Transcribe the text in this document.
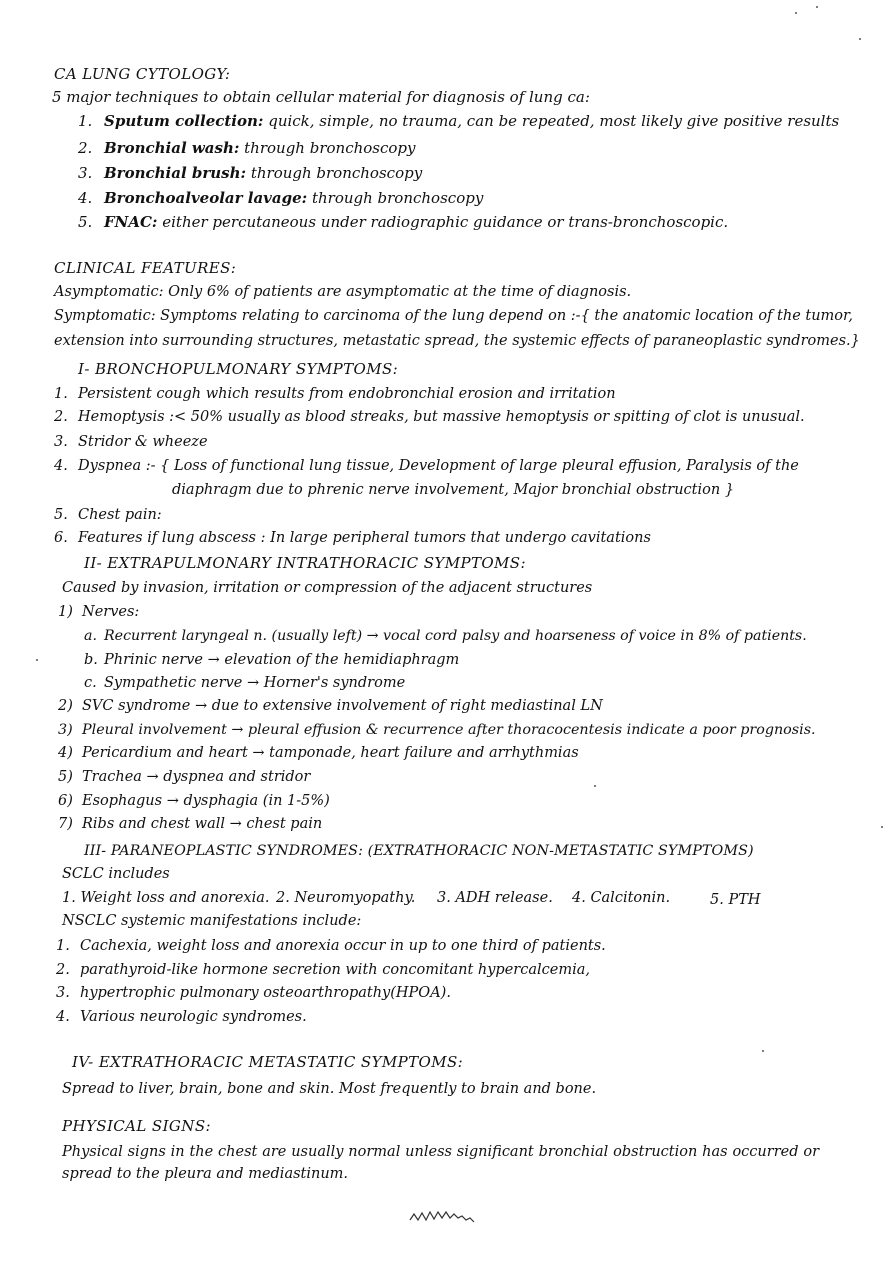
CA LUNG CYTOLOGY:
5 major techniques to obtain cellular material for diagnosis of lung ca:
1. Sputum collection: quick, simple, no trauma, can be repeated, most likely give positive results
2. Bronchial wash: through bronchoscopy
3. Bronchial brush: through bronchoscopy
4. Bronchoalveolar lavage: through bronchoscopy
5. FNAC: either percutaneous under radiographic guidance or trans-bronchoscopic.
CLINICAL FEATURES:
Asymptomatic: Only 6% of patients are asymptomatic at the time of diagnosis.
Symptomatic: Symptoms relating to carcinoma of the lung depend on :-{ the anatomic location of the tumor,
extension into surrounding structures, metastatic spread, the systemic effects of paraneoplastic syndromes.}
I- BRONCHOPULMONARY SYMPTOMS:
1. Persistent cough which results from endobronchial erosion and irritation
2. Hemoptysis :< 50% usually as blood streaks, but massive hemoptysis or spitting of clot is unusual.
3. Stridor & wheeze
4. Dyspnea :- { Loss of functional lung tissue, Development of large pleural effusion, Paralysis of the
diaphragm due to phrenic nerve involvement, Major bronchial obstruction }
5. Chest pain:
6. Features if lung abscess : In large peripheral tumors that undergo cavitations
II- EXTRAPULMONARY INTRATHORACIC SYMPTOMS:
Caused by invasion, irritation or compression of the adjacent structures
1) Nerves:
a. Recurrent laryngeal n. (usually left) → vocal cord palsy and hoarseness of voice in 8% of patients.
b. Phrinic nerve → elevation of the hemidiaphragm
c. Sympathetic nerve → Horner's syndrome
2) SVC syndrome → due to extensive involvement of right mediastinal LN
3) Pleural involvement → pleural effusion & recurrence after thoracocentesis indicate a poor prognosis.
4) Pericardium and heart → tamponade, heart failure and arrhythmias
5) Trachea → dyspnea and stridor
6) Esophagus → dysphagia (in 1-5%)
7) Ribs and chest wall → chest pain
III- PARANEOPLASTIC SYNDROMES: (EXTRATHORACIC NON-METASTATIC SYMPTOMS)
SCLC includes
1. Weight loss and anorexia. 2. Neuromyopathy. 3. ADH release. 4. Calcitonin.	5. PTH
NSCLC systemic manifestations include:
1. Cachexia, weight loss and anorexia occur in up to one third of patients.
2. parathyroid-like hormone secretion with concomitant hypercalcemia,
3. hypertrophic pulmonary osteoarthropathy(HPOA).
4. Various neurologic syndromes.
IV- EXTRATHORACIC METASTATIC SYMPTOMS:
Spread to liver, brain, bone and skin. Most frequently to brain and bone.
PHYSICAL SIGNS:
Physical signs in the chest are usually normal unless significant bronchial obstruction has occurred or spread to the pleura and mediastinum.
